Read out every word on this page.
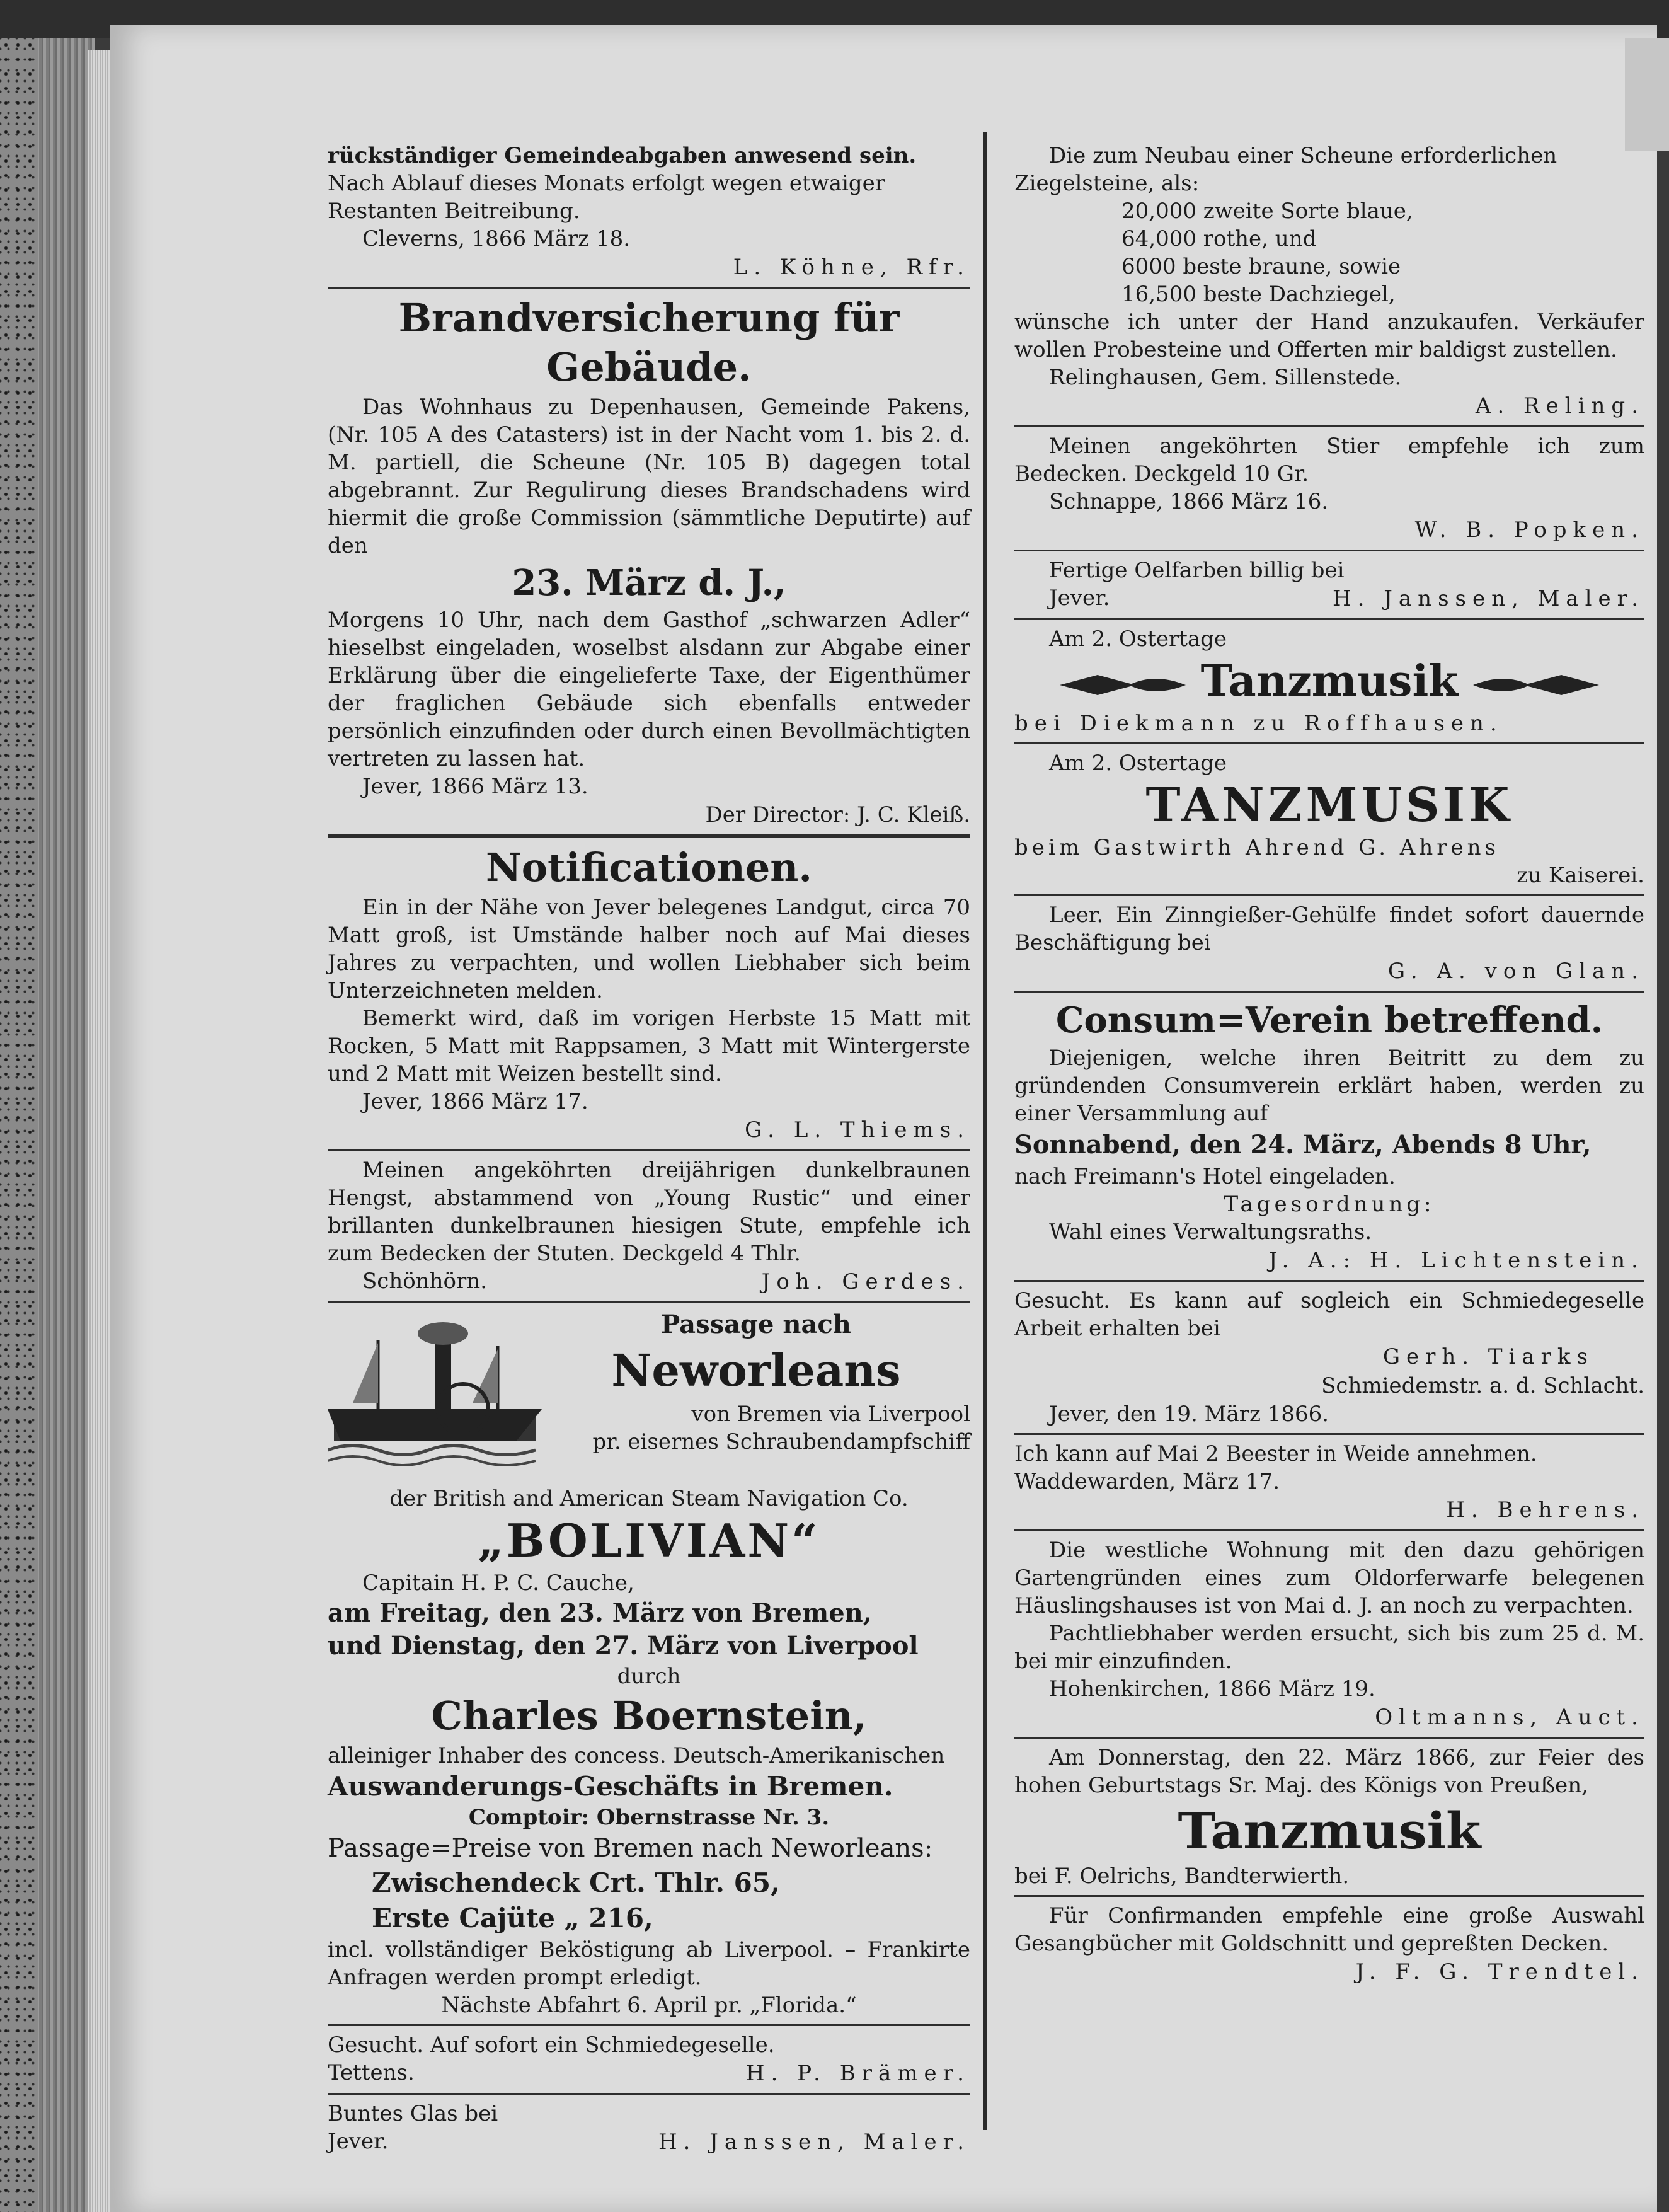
rückständiger Gemeindeabgaben anwesend sein.

Nach Ablauf dieses Monats erfolgt wegen etwaiger

Restanten Beitreibung.

Cleverns, 1866 März 18.

L. Köhne, Rfr.

Brandversicherung für Gebäude.

Das Wohnhaus zu Depenhausen, Gemeinde Pakens, (Nr. 105 A des Catasters) ist in der Nacht vom 1. bis 2. d. M. partiell, die Scheune (Nr. 105 B) dagegen total abgebrannt. Zur Regulirung dieses Brandschadens wird hiermit die große Commission (sämmtliche Deputirte) auf den

23. März d. J.,

Morgens 10 Uhr, nach dem Gasthof „schwarzen Adler“ hieselbst eingeladen, woselbst alsdann zur Abgabe einer Erklärung über die eingelieferte Taxe, der Eigenthümer der fraglichen Gebäude sich ebenfalls entweder persönlich einzufinden oder durch einen Bevollmächtigten vertreten zu lassen hat.

Jever, 1866 März 13.

Der Director: J. C. Kleiß.

Notificationen.

Ein in der Nähe von Jever belegenes Landgut, circa 70 Matt groß, ist Umstände halber noch auf Mai dieses Jahres zu verpachten, und wollen Liebhaber sich beim Unterzeichneten melden.

Bemerkt wird, daß im vorigen Herbste 15 Matt mit Rocken, 5 Matt mit Rappsamen, 3 Matt mit Wintergerste und 2 Matt mit Weizen bestellt sind.

Jever, 1866 März 17.

G. L. Thiems.

Meinen angeköhrten dreijährigen dunkelbraunen Hengst, abstammend von „Young Rustic“ und einer brillanten dunkelbraunen hiesigen Stute, empfehle ich zum Bedecken der Stuten. Deckgeld 4 Thlr.

Schönhörn.	Joh. Gerdes.

Passage nach

Neworleans

von Bremen via Liverpool

pr. eisernes Schraubendampfschiff

der British and American Steam Navigation Co.

„BOLIVIAN“

Capitain H. P. C. Cauche,

am Freitag, den 23. März von Bremen,

und Dienstag, den 27. März von Liverpool

durch

Charles Boernstein,

alleiniger Inhaber des concess. Deutsch-Amerikanischen

Auswanderungs-Geschäfts in Bremen.

Comptoir: Obernstrasse Nr. 3.

Passage=Preise von Bremen nach Neworleans:

Zwischendeck Crt. Thlr. 65,

Erste Cajüte „ 216,

incl. vollständiger Beköstigung ab Liverpool. – Frankirte Anfragen werden prompt erledigt.

Nächste Abfahrt 6. April pr. „Florida.“

Gesucht. Auf sofort ein Schmiedegeselle.

Tettens.	H. P. Brämer.

Buntes Glas bei

Jever.	H. Janssen, Maler.

Die zum Neubau einer Scheune erforderlichen

Ziegelsteine, als:

20,000 zweite Sorte blaue,

64,000 rothe, und

6000 beste braune, sowie

16,500 beste Dachziegel,

wünsche ich unter der Hand anzukaufen. Verkäufer wollen Probesteine und Offerten mir baldigst zustellen.

Relinghausen, Gem. Sillenstede.

A. Reling.

Meinen angeköhrten Stier empfehle ich zum Bedecken. Deckgeld 10 Gr.

Schnappe, 1866 März 16.

W. B. Popken.

Fertige Oelfarben billig bei

Jever.	H. Janssen, Maler.

Am 2. Ostertage

Tanzmusik

bei Diekmann zu Roffhausen.

Am 2. Ostertage

TANZMUSIK

beim Gastwirth Ahrend G. Ahrens

zu Kaiserei.

Leer. Ein Zinngießer-Gehülfe findet sofort dauernde Beschäftigung bei

G. A. von Glan.

Consum=Verein betreffend.

Diejenigen, welche ihren Beitritt zu dem zu gründenden Consumverein erklärt haben, werden zu einer Versammlung auf

Sonnabend, den 24. März, Abends 8 Uhr,

nach Freimann's Hotel eingeladen.

Tagesordnung:

Wahl eines Verwaltungsraths.

J. A.: H. Lichtenstein.

Gesucht. Es kann auf sogleich ein Schmiedegeselle Arbeit erhalten bei

Gerh. Tiarks

Schmiedemstr. a. d. Schlacht.

Jever, den 19. März 1866.

Ich kann auf Mai 2 Beester in Weide annehmen.

Waddewarden, März 17.

H. Behrens.

Die westliche Wohnung mit den dazu gehörigen Gartengründen eines zum Oldorferwarfe belegenen Häuslingshauses ist von Mai d. J. an noch zu verpachten.

Pachtliebhaber werden ersucht, sich bis zum 25 d. M. bei mir einzufinden.

Hohenkirchen, 1866 März 19.

Oltmanns, Auct.

Am Donnerstag, den 22. März 1866, zur Feier des hohen Geburtstags Sr. Maj. des Königs von Preußen,

Tanzmusik

bei F. Oelrichs, Bandterwierth.

Für Confirmanden empfehle eine große Auswahl Gesangbücher mit Goldschnitt und gepreßten Decken.

J. F. G. Trendtel.
